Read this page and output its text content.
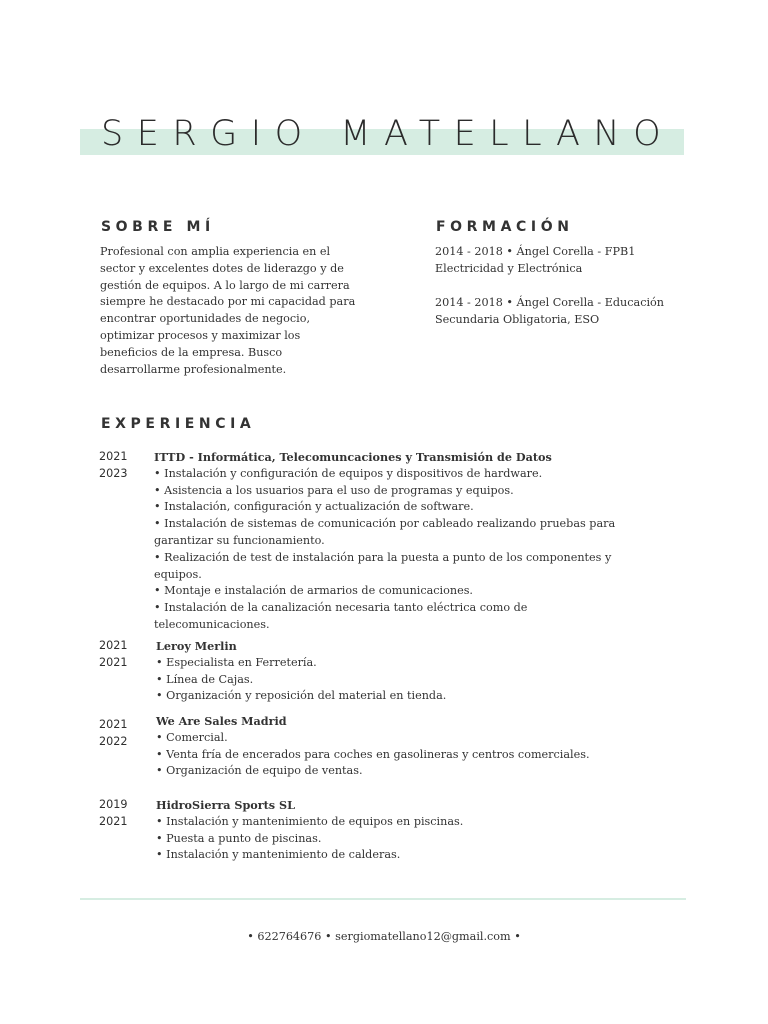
SERGIO MATELLANO
SOBRE MÍ
Profesional con amplia experiencia en el
sector y excelentes dotes de liderazgo y de
gestión de equipos. A lo largo de mi carrera
siempre he destacado por mi capacidad para
encontrar oportunidades de negocio,
optimizar procesos y maximizar los
beneficios de la empresa. Busco
desarrollarme profesionalmente.
FORMACIÓN
2014 - 2018 • Ángel Corella - FPB1
Electricidad y Electrónica
2014 - 2018 • Ángel Corella - Educación
Secundaria Obligatoria, ESO
EXPERIENCIA
2021
2023
ITTD - Informática, Telecomuncaciones y Transmisión de Datos
• Instalación y configuración de equipos y dispositivos de hardware.
• Asistencia a los usuarios para el uso de programas y equipos.
• Instalación, configuración y actualización de software.
• Instalación de sistemas de comunicación por cableado realizando pruebas para
garantizar su funcionamiento.
• Realización de test de instalación para la puesta a punto de los componentes y
equipos.
• Montaje e instalación de armarios de comunicaciones.
• Instalación de la canalización necesaria tanto eléctrica como de
telecomunicaciones.
2021
2021
Leroy Merlin
• Especialista en Ferretería.
• Línea de Cajas.
• Organización y reposición del material en tienda.
2021
2022
We Are Sales Madrid
• Comercial.
• Venta fría de encerados para coches en gasolineras y centros comerciales.
• Organización de equipo de ventas.
2019
2021
HidroSierra Sports SL
• Instalación y mantenimiento de equipos en piscinas.
• Puesta a punto de piscinas.
• Instalación y mantenimiento de calderas.
• 622764676 • sergiomatellano12@gmail.com •
